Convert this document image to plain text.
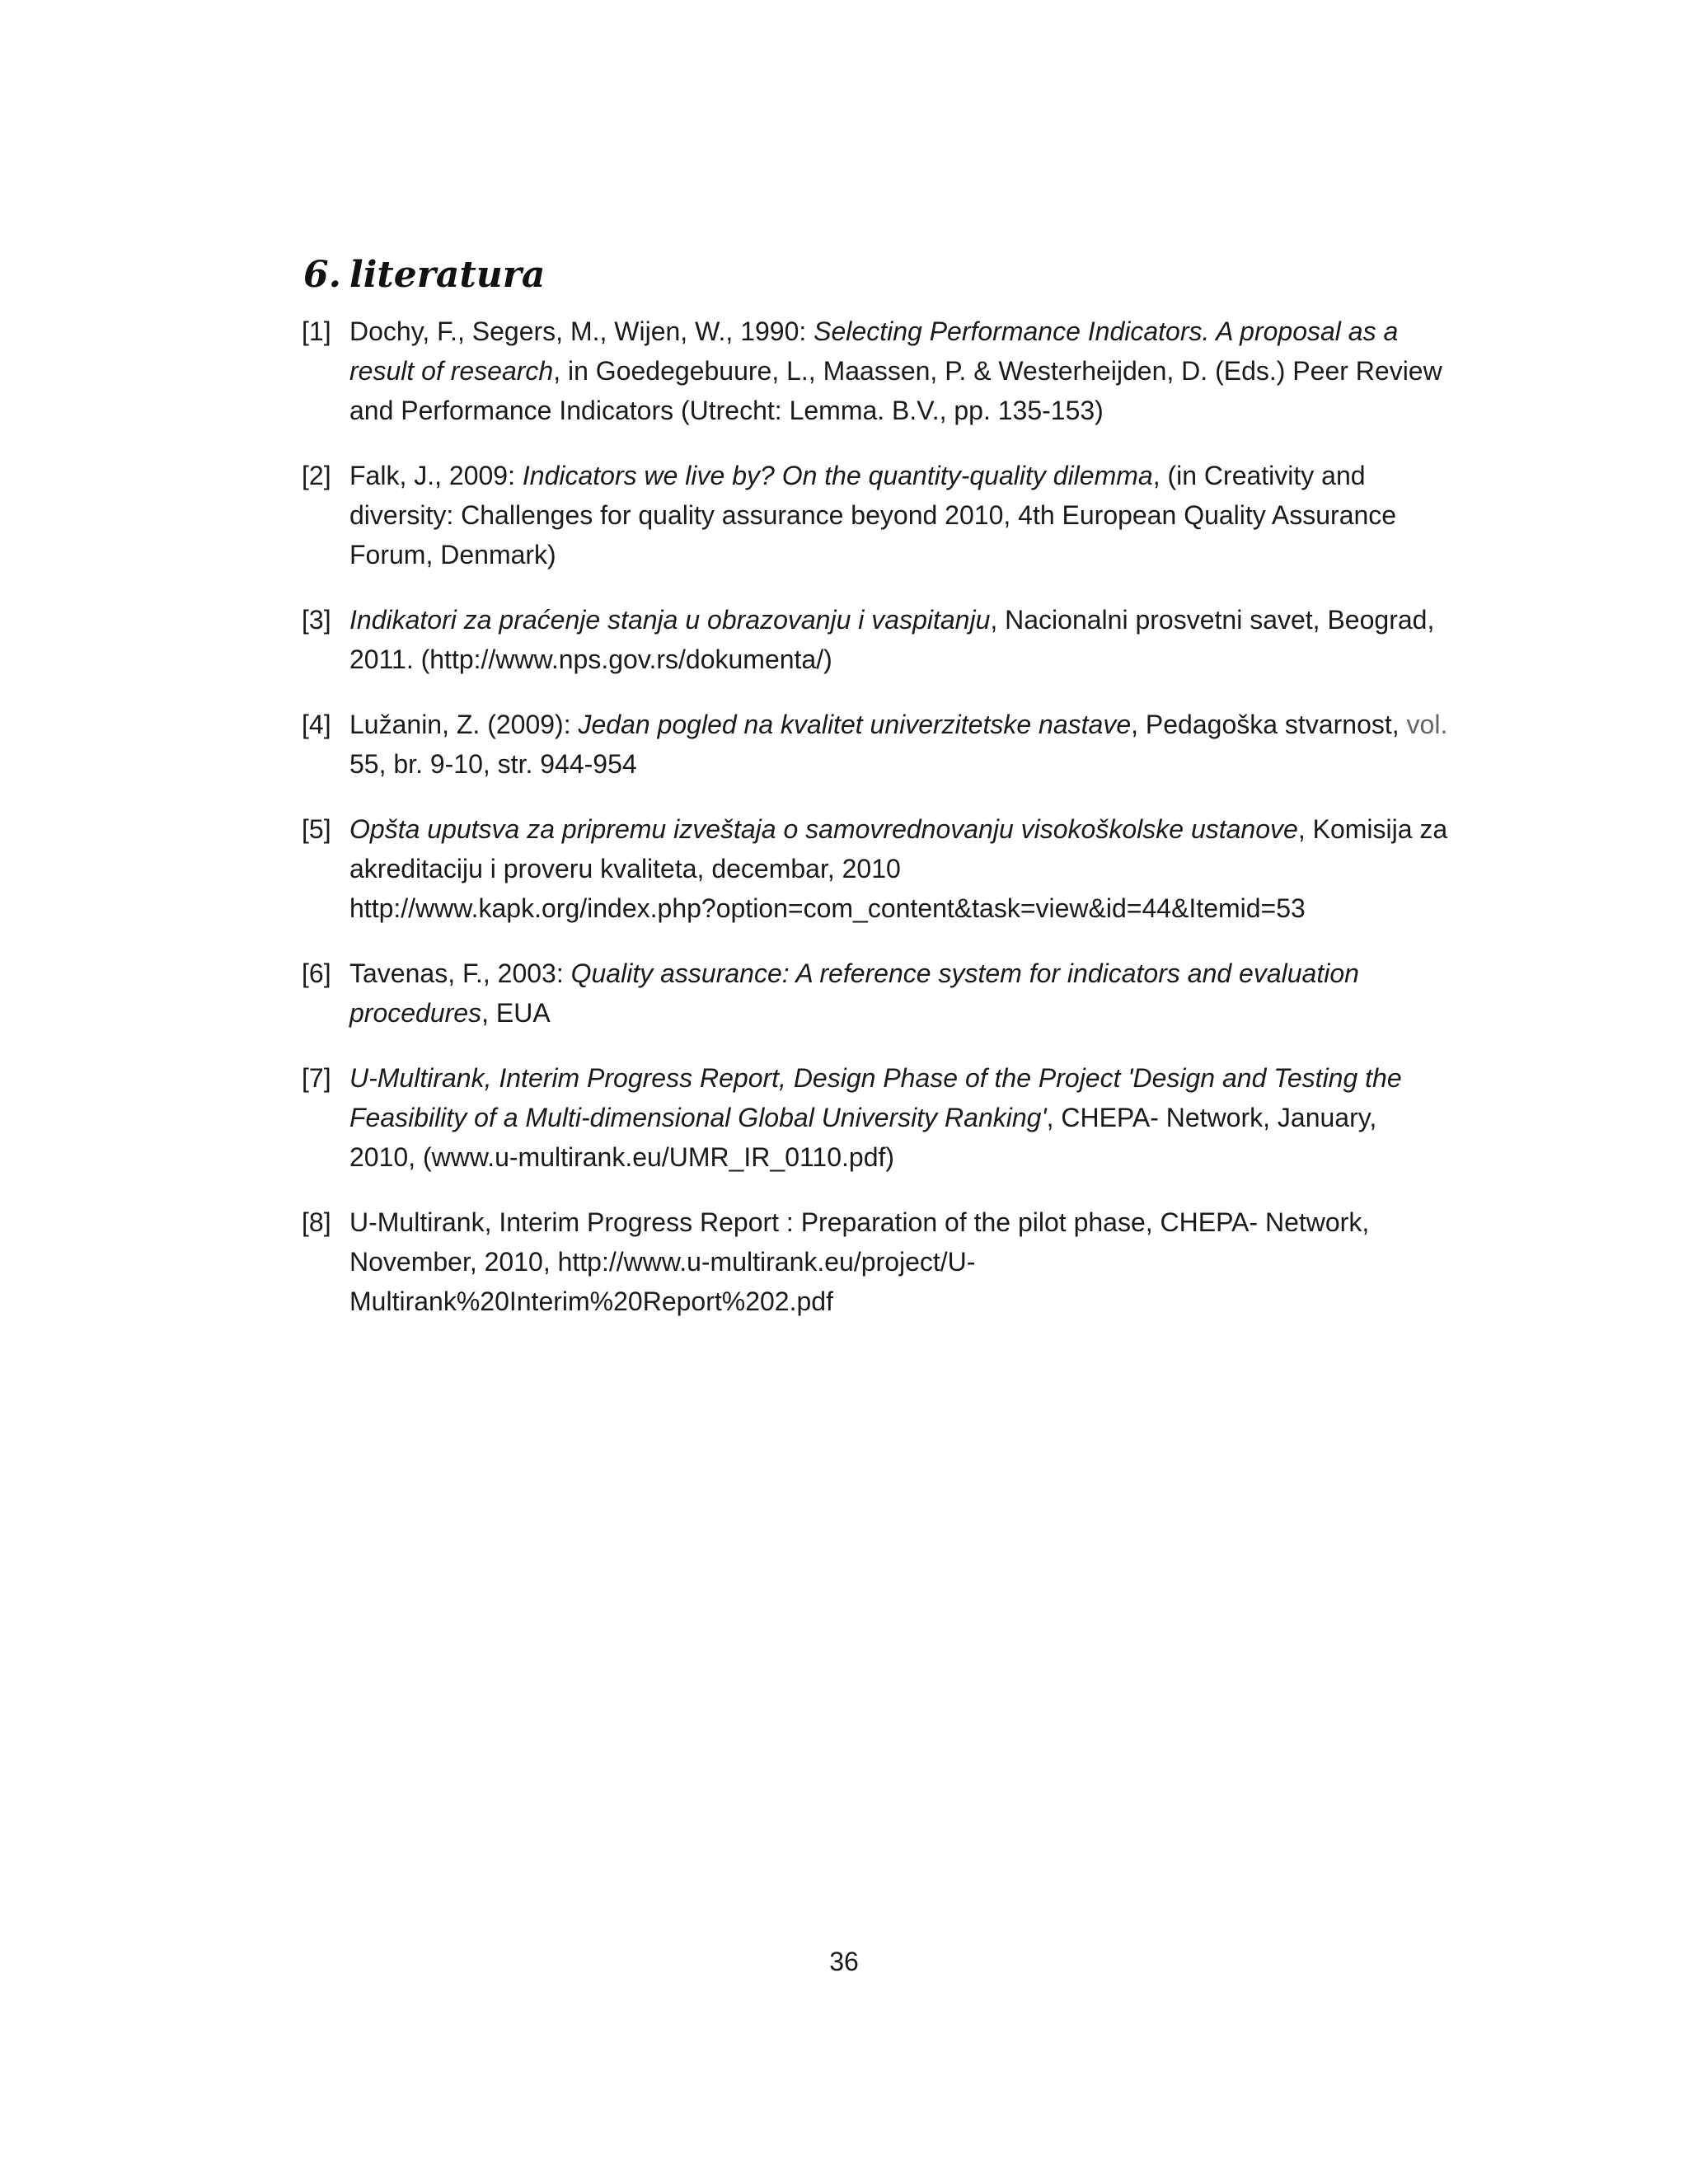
6. literatura
[1] Dochy, F., Segers, M., Wijen, W., 1990: Selecting Performance Indicators. A proposal as a
result of research, in Goedegebuure, L., Maassen, P. & Westerheijden, D. (Eds.) Peer Review
and Performance Indicators (Utrecht: Lemma. B.V., pp. 135-153)
[2] Falk, J., 2009: Indicators we live by? On the quantity-quality dilemma, (in Creativity and
diversity: Challenges for quality assurance beyond 2010, 4th European Quality Assurance
Forum, Denmark)
[3] Indikatori za praćenje stanja u obrazovanju i vaspitanju, Nacionalni prosvetni savet, Beograd,
2011. (http://www.nps.gov.rs/dokumenta/)
[4] Lužanin, Z. (2009): Jedan pogled na kvalitet univerzitetske nastave, Pedagoška stvarnost, vol.
55, br. 9-10, str. 944-954
[5] Opšta uputsva za pripremu izveštaja o samovrednovanju visokoškolske ustanove, Komisija za
akreditaciju i proveru kvaliteta, decembar, 2010
http://www.kapk.org/index.php?option=com_content&task=view&id=44&Itemid=53
[6] Tavenas, F., 2003: Quality assurance: A reference system for indicators and evaluation
procedures, EUA
[7] U-Multirank, Interim Progress Report, Design Phase of the Project 'Design and Testing the
Feasibility of a Multi-dimensional Global University Ranking', CHEPA- Network, January,
2010, (www.u-multirank.eu/UMR_IR_0110.pdf)
[8] U-Multirank, Interim Progress Report : Preparation of the pilot phase, CHEPA- Network,
November, 2010, http://www.u-multirank.eu/project/U-
Multirank%20Interim%20Report%202.pdf
36
